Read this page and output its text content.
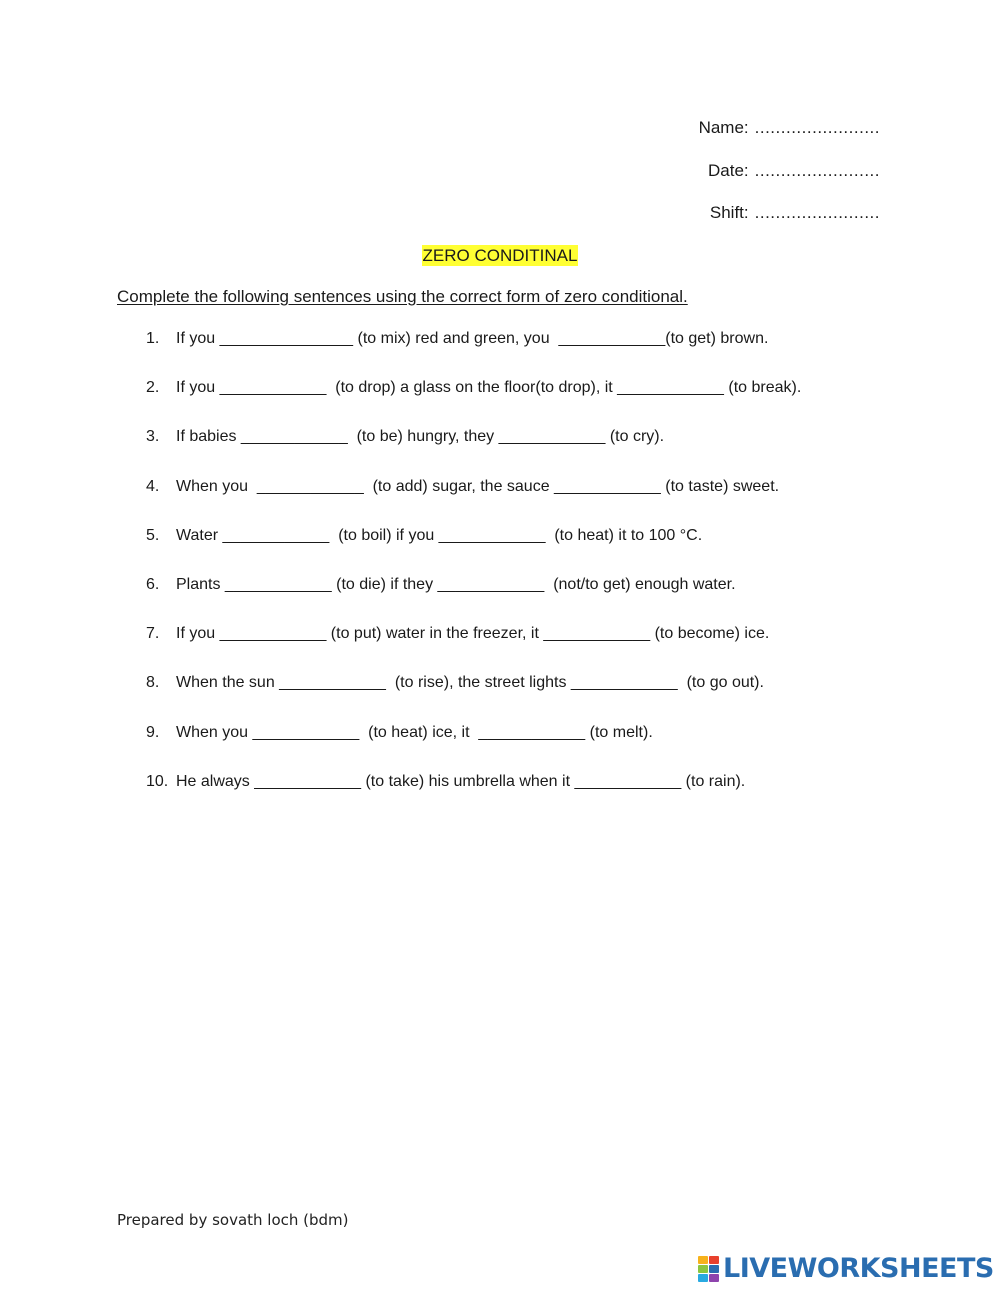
Name: ........................
Date: ........................
Shift: ........................
ZERO CONDITINAL
Complete the following sentences using the correct form of zero conditional.
1. If you _______________ (to mix) red and green, you  ____________(to get) brown.
2. If you ____________  (to drop) a glass on the floor(to drop), it ____________ (to break).
3. If babies ____________  (to be) hungry, they ____________ (to cry).
4. When you  ____________  (to add) sugar, the sauce ____________ (to taste) sweet.
5. Water ____________  (to boil) if you ____________  (to heat) it to 100 °C.
6. Plants ____________ (to die) if they ____________  (not/to get) enough water.
7. If you ____________ (to put) water in the freezer, it ____________ (to become) ice.
8. When the sun ____________  (to rise), the street lights ____________  (to go out).
9. When you ____________  (to heat) ice, it  ____________ (to melt).
10. He always ____________ (to take) his umbrella when it ____________ (to rain).
Prepared by sovath loch (bdm)
LIVEWORKSHEETS
